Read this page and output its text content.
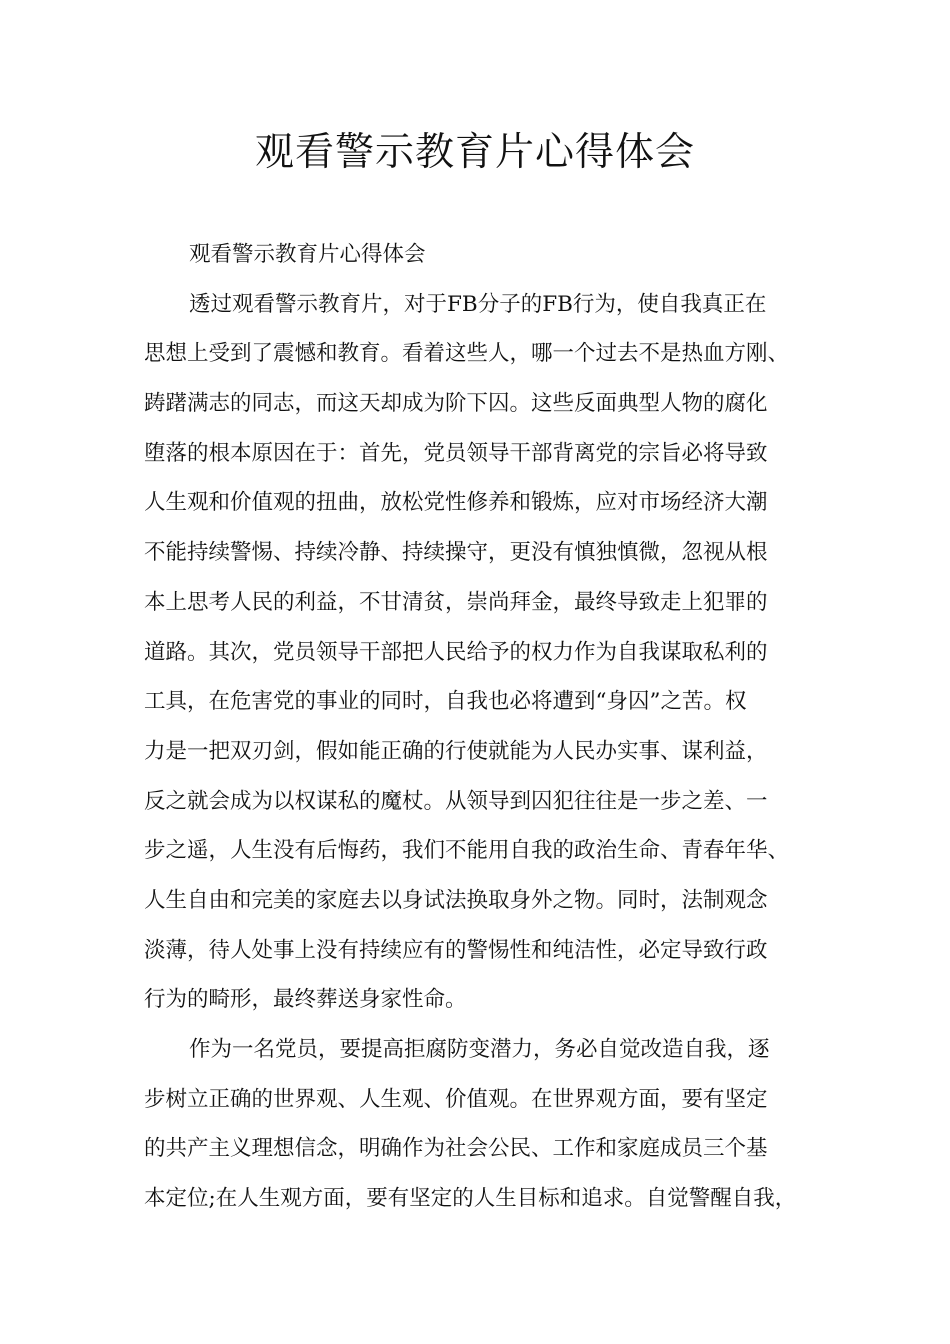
观看警示教育片心得体会
观看警示教育片心得体会
透过观看警示教育片，对于FB分子的FB行为，使自我真正在
思想上受到了震憾和教育。看着这些人，哪一个过去不是热血方刚、
踌躇满志的同志，而这天却成为阶下囚。这些反面典型人物的腐化
堕落的根本原因在于：首先，党员领导干部背离党的宗旨必将导致
人生观和价值观的扭曲，放松党性修养和锻炼，应对市场经济大潮
不能持续警惕、持续冷静、持续操守，更没有慎独慎微，忽视从根
本上思考人民的利益，不甘清贫，崇尚拜金，最终导致走上犯罪的
道路。其次，党员领导干部把人民给予的权力作为自我谋取私利的
工具，在危害党的事业的同时，自我也必将遭到“身囚”之苦。权
力是一把双刃剑，假如能正确的行使就能为人民办实事、谋利益，
反之就会成为以权谋私的魔杖。从领导到囚犯往往是一步之差、一
步之遥，人生没有后悔药，我们不能用自我的政治生命、青春年华、
人生自由和完美的家庭去以身试法换取身外之物。同时，法制观念
淡薄，待人处事上没有持续应有的警惕性和纯洁性，必定导致行政
行为的畸形，最终葬送身家性命。
作为一名党员，要提高拒腐防变潜力，务必自觉改造自我，逐
步树立正确的世界观、人生观、价值观。在世界观方面，要有坚定
的共产主义理想信念，明确作为社会公民、工作和家庭成员三个基
本定位;在人生观方面，要有坚定的人生目标和追求。自觉警醒自我，
